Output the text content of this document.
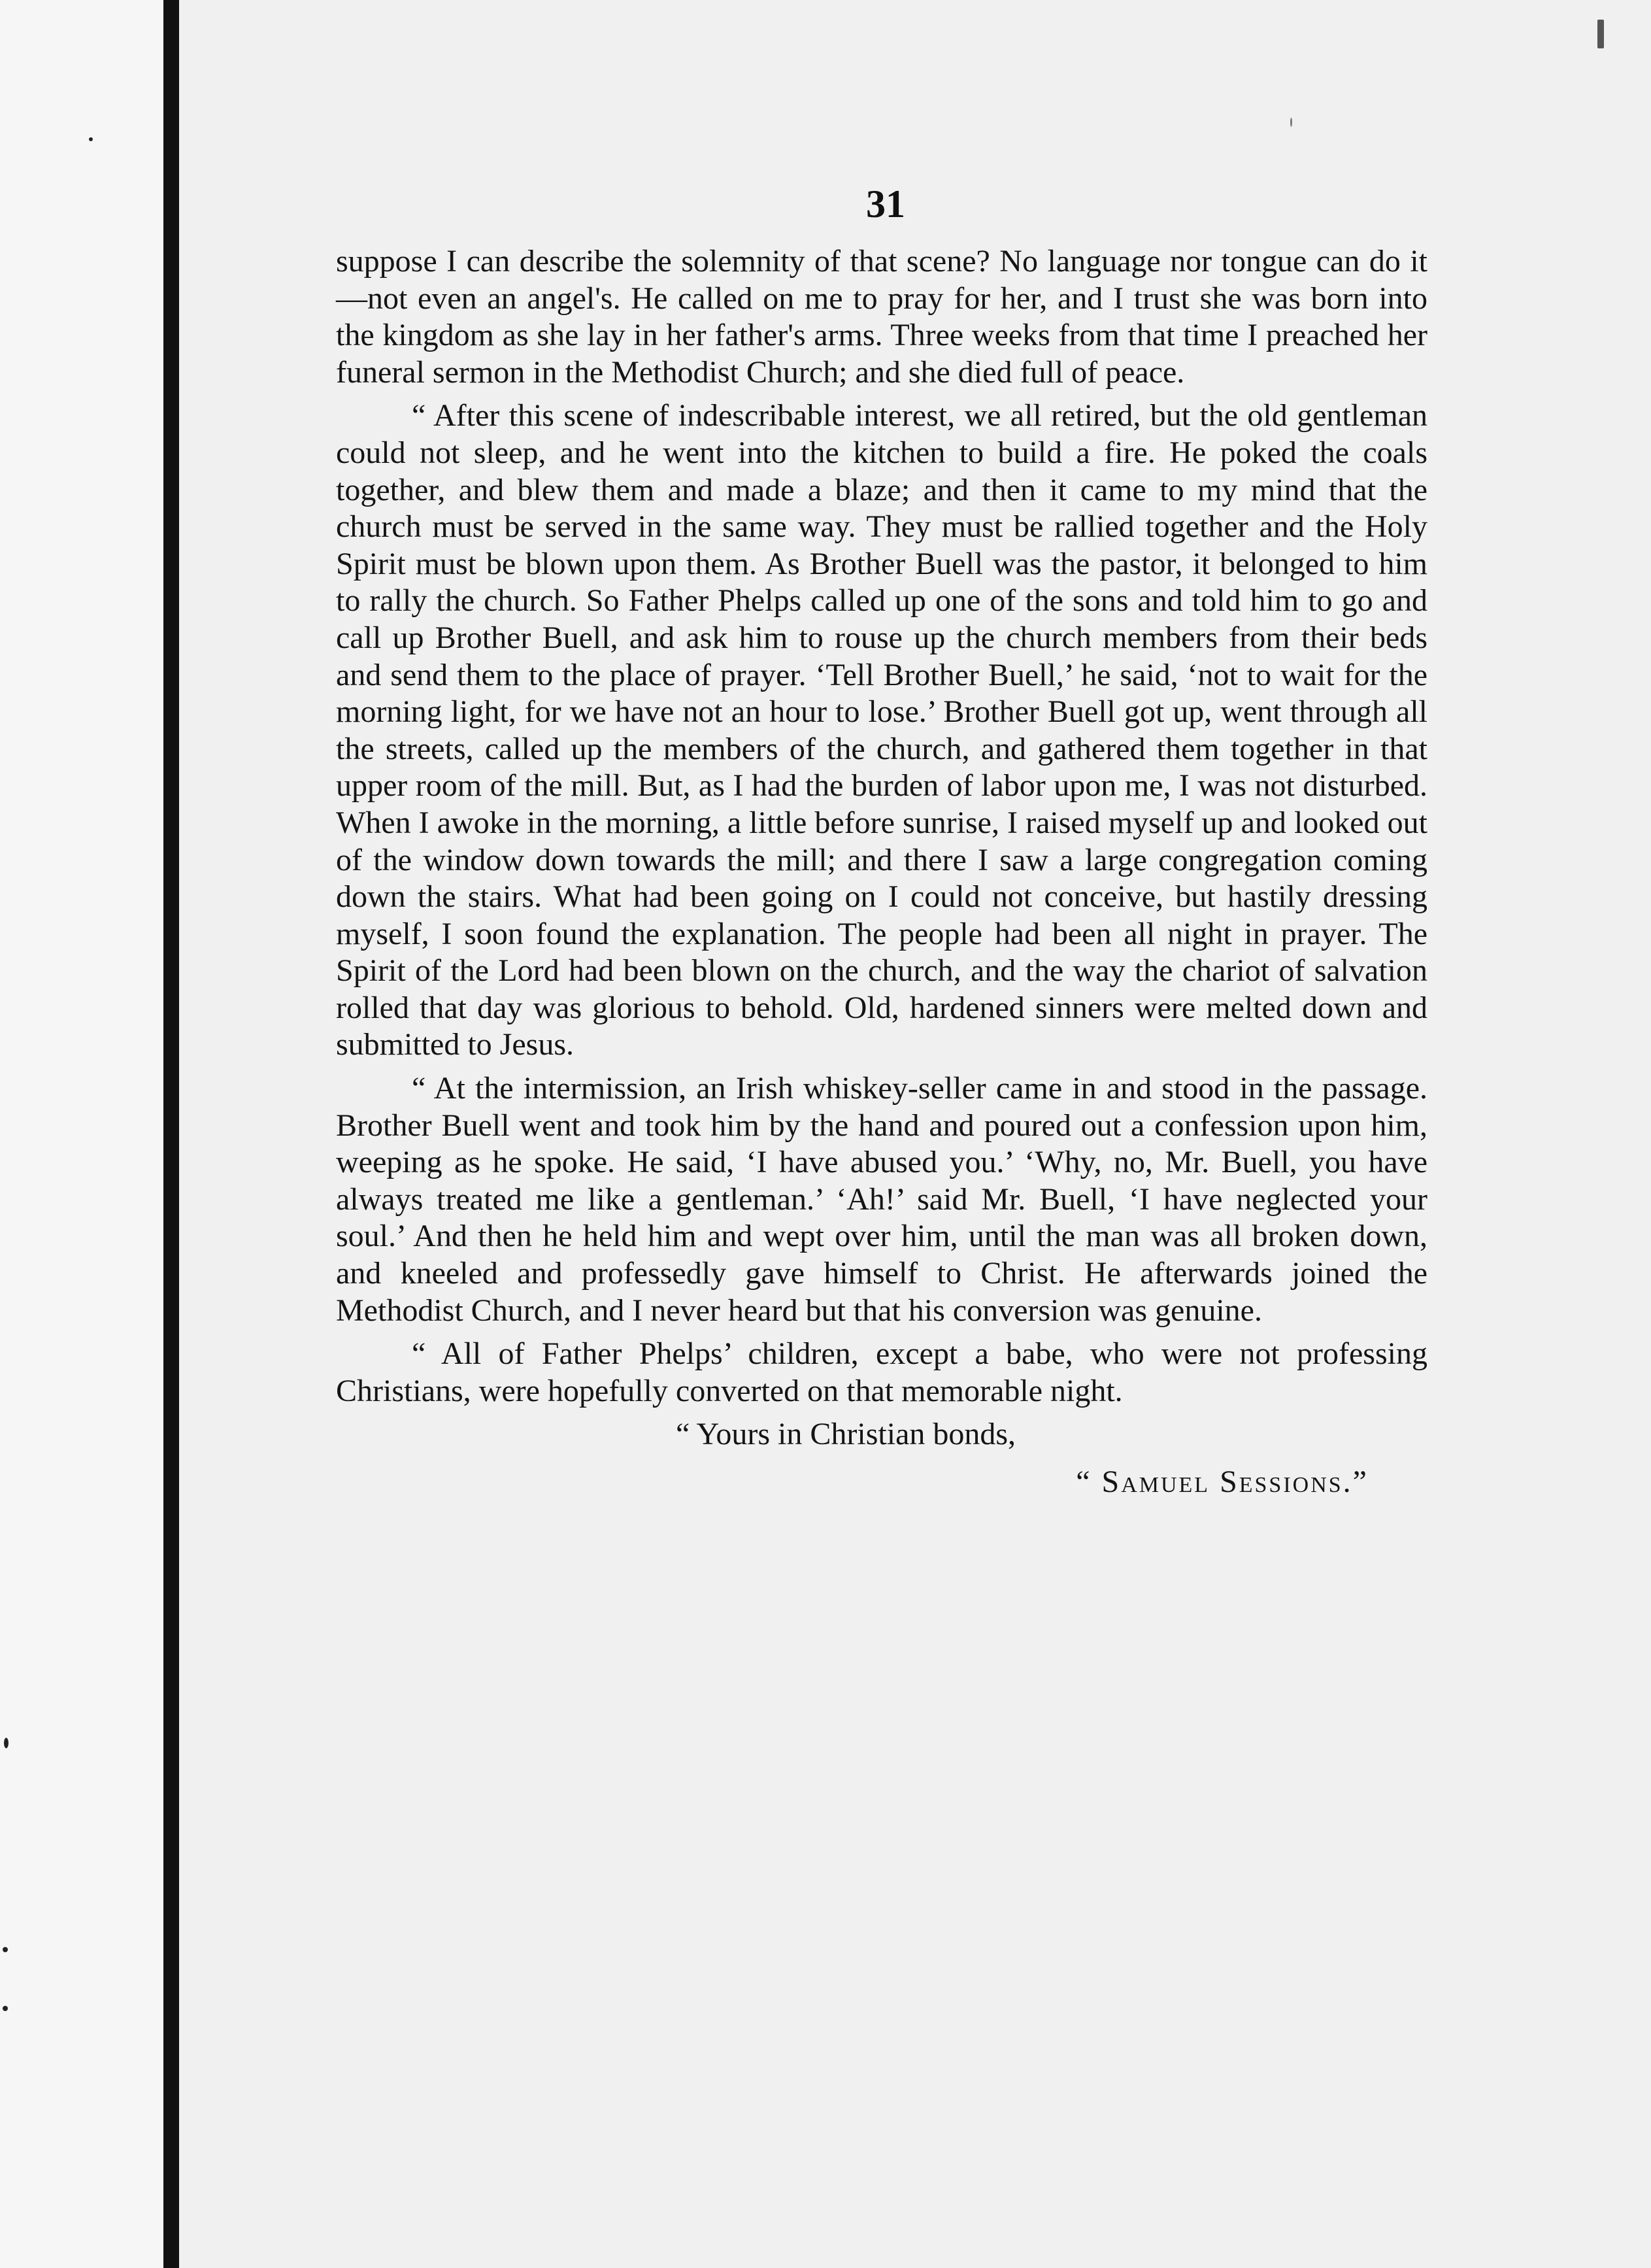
31

suppose I can describe the solemnity of that scene? No language nor tongue can do it—not even an angel's. He called on me to pray for her, and I trust she was born into the kingdom as she lay in her father's arms. Three weeks from that time I preached her funeral sermon in the Methodist Church; and she died full of peace.

“ After this scene of indescribable interest, we all retired, but the old gentleman could not sleep, and he went into the kitchen to build a fire. He poked the coals together, and blew them and made a blaze; and then it came to my mind that the church must be served in the same way. They must be rallied together and the Holy Spirit must be blown upon them. As Brother Buell was the pastor, it belonged to him to rally the church. So Father Phelps called up one of the sons and told him to go and call up Brother Buell, and ask him to rouse up the church members from their beds and send them to the place of prayer. ‘Tell Brother Buell,’ he said, ‘not to wait for the morning light, for we have not an hour to lose.’ Brother Buell got up, went through all the streets, called up the members of the church, and gathered them together in that upper room of the mill. But, as I had the burden of labor upon me, I was not disturbed. When I awoke in the morning, a little before sunrise, I raised myself up and looked out of the window down towards the mill; and there I saw a large congregation coming down the stairs. What had been going on I could not conceive, but hastily dressing myself, I soon found the explanation. The people had been all night in prayer. The Spirit of the Lord had been blown on the church, and the way the chariot of salvation rolled that day was glorious to behold. Old, hardened sinners were melted down and submitted to Jesus.

“ At the intermission, an Irish whiskey-seller came in and stood in the passage. Brother Buell went and took him by the hand and poured out a confession upon him, weeping as he spoke. He said, ‘I have abused you.’ ‘Why, no, Mr. Buell, you have always treated me like a gentleman.’ ‘Ah!’ said Mr. Buell, ‘I have neglected your soul.’ And then he held him and wept over him, until the man was all broken down, and kneeled and professedly gave himself to Christ. He afterwards joined the Methodist Church, and I never heard but that his conversion was genuine.

“ All of Father Phelps’ children, except a babe, who were not professing Christians, were hopefully converted on that memorable night.

“ Yours in Christian bonds,

“ Samuel Sessions.”
